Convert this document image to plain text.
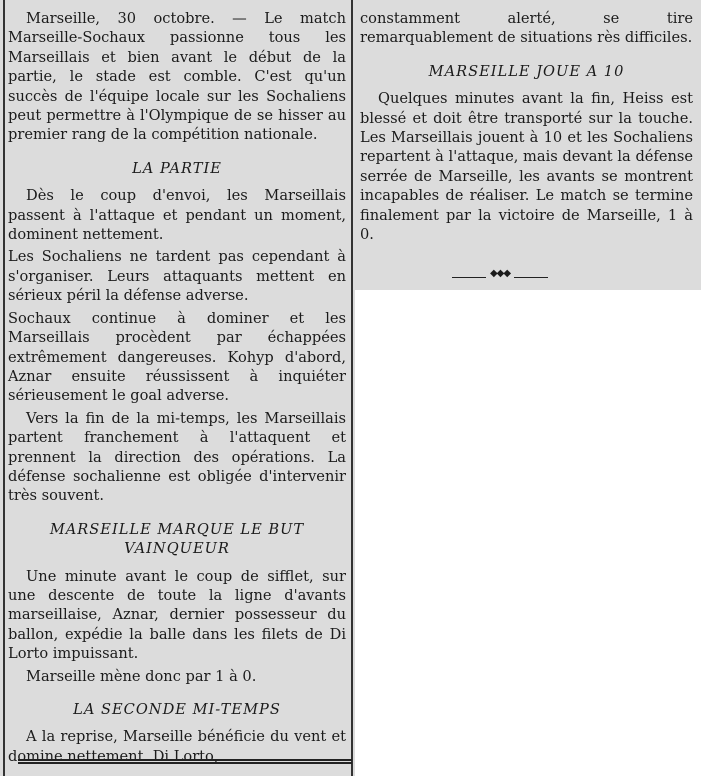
Marseille, 30 octobre. — Le match Marseille-Sochaux passionne tous les Marseillais et bien avant le début de la partie, le stade est comble. C'est qu'un succès de l'équipe locale sur les Sochaliens peut permettre à l'Olympique de se hisser au premier rang de la compétition nationale.

LA PARTIE

Dès le coup d'envoi, les Marseillais passent à l'attaque et pendant un moment, dominent nettement.

Les Sochaliens ne tardent pas cependant à s'organiser. Leurs attaquants mettent en sérieux péril la défense adverse.

Sochaux continue à dominer et les Marseillais procèdent par échappées extrêmement dangereuses. Kohyp d'abord, Aznar ensuite réussissent à inquiéter sérieusement le goal adverse.

Vers la fin de la mi-temps, les Marseillais partent franchement à l'attaquent et prennent la direction des opérations. La défense sochalienne est obligée d'intervenir très souvent.

MARSEILLE MARQUE LE BUT VAINQUEUR

Une minute avant le coup de sifflet, sur une descente de toute la ligne d'avants marseillaise, Aznar, dernier possesseur du ballon, expédie la balle dans les filets de Di Lorto impuissant.

Marseille mène donc par 1 à 0.

LA SECONDE MI-TEMPS

A la reprise, Marseille bénéficie du vent et domine nettement. Di Lorto,

constamment alerté, se tire remarquablement de situations rès difficiles.

MARSEILLE JOUE A 10

Quelques minutes avant la fin, Heiss est blessé et doit être transporté sur la touche. Les Marseillais jouent à 10 et les Sochaliens repartent à l'attaque, mais devant la défense serrée de Marseille, les avants se montrent incapables de réaliser. Le match se termine finalement par la victoire de Marseille, 1 à 0.

◆◆◆
